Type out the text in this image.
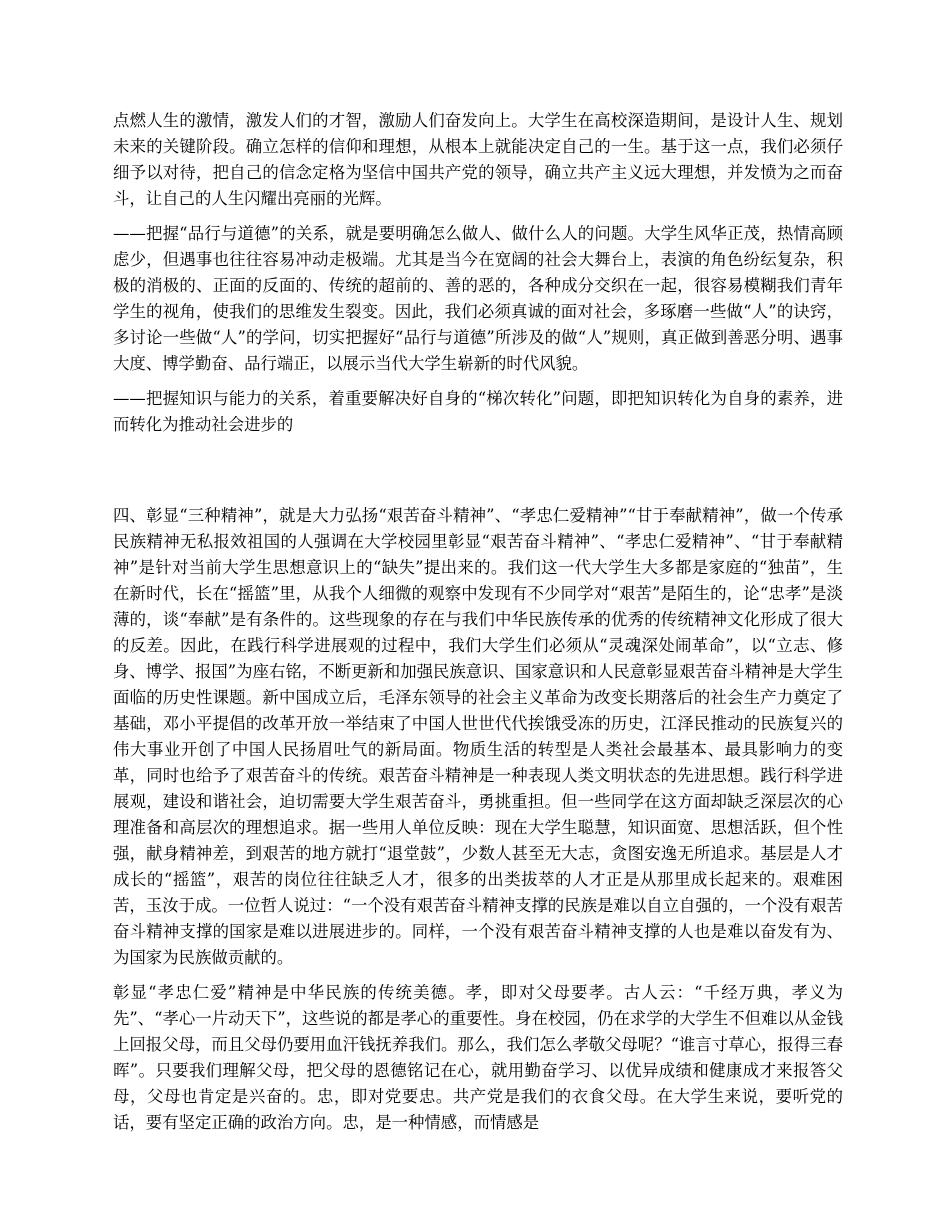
点燃人生的激情，激发人们的才智，激励人们奋发向上。大学生在高校深造期间，是设计人生、规划未来的关键阶段。确立怎样的信仰和理想，从根本上就能决定自己的一生。基于这一点，我们必须仔细予以对待，把自己的信念定格为坚信中国共产党的领导，确立共产主义远大理想，并发愤为之而奋斗，让自己的人生闪耀出亮丽的光辉。

——把握“品行与道德”的关系，就是要明确怎么做人、做什么人的问题。大学生风华正茂，热情高顾虑少，但遇事也往往容易冲动走极端。尤其是当今在宽阔的社会大舞台上，表演的角色纷纭复杂，积极的消极的、正面的反面的、传统的超前的、善的恶的，各种成分交织在一起，很容易模糊我们青年学生的视角，使我们的思维发生裂变。因此，我们必须真诚的面对社会，多琢磨一些做“人”的诀窍，多讨论一些做“人”的学问，切实把握好“品行与道德”所涉及的做“人”规则，真正做到善恶分明、遇事大度、博学勤奋、品行端正，以展示当代大学生崭新的时代风貌。

——把握知识与能力的关系，着重要解决好自身的“梯次转化”问题，即把知识转化为自身的素养，进而转化为推动社会进步的

四、彰显“三种精神”，就是大力弘扬“艰苦奋斗精神”、“孝忠仁爱精神”“甘于奉献精神”，做一个传承民族精神无私报效祖国的人强调在大学校园里彰显“艰苦奋斗精神”、“孝忠仁爱精神”、“甘于奉献精神”是针对当前大学生思想意识上的“缺失”提出来的。我们这一代大学生大多都是家庭的“独苗”，生在新时代，长在“摇篮”里，从我个人细微的观察中发现有不少同学对“艰苦”是陌生的，论“忠孝”是淡薄的，谈“奉献”是有条件的。这些现象的存在与我们中华民族传承的优秀的传统精神文化形成了很大的反差。因此，在践行科学进展观的过程中，我们大学生们必须从“灵魂深处闹革命”，以“立志、修身、博学、报国”为座右铭，不断更新和加强民族意识、国家意识和人民意彰显艰苦奋斗精神是大学生面临的历史性课题。新中国成立后，毛泽东领导的社会主义革命为改变长期落后的社会生产力奠定了基础，邓小平提倡的改革开放一举结束了中国人世世代代挨饿受冻的历史，江泽民推动的民族复兴的伟大事业开创了中国人民扬眉吐气的新局面。物质生活的转型是人类社会最基本、最具影响力的变革，同时也给予了艰苦奋斗的传统。艰苦奋斗精神是一种表现人类文明状态的先进思想。践行科学进展观，建设和谐社会，迫切需要大学生艰苦奋斗，勇挑重担。但一些同学在这方面却缺乏深层次的心理准备和高层次的理想追求。据一些用人单位反映：现在大学生聪慧，知识面宽、思想活跃，但个性强，献身精神差，到艰苦的地方就打“退堂鼓”，少数人甚至无大志，贪图安逸无所追求。基层是人才成长的“摇篮”，艰苦的岗位往往缺乏人才，很多的出类拔萃的人才正是从那里成长起来的。艰难困苦，玉汝于成。一位哲人说过：“一个没有艰苦奋斗精神支撑的民族是难以自立自强的，一个没有艰苦奋斗精神支撑的国家是难以进展进步的。同样，一个没有艰苦奋斗精神支撑的人也是难以奋发有为、为国家为民族做贡献的。

彰显“孝忠仁爱”精神是中华民族的传统美德。孝，即对父母要孝。古人云：“千经万典，孝义为先”、“孝心一片动天下”，这些说的都是孝心的重要性。身在校园，仍在求学的大学生不但难以从金钱上回报父母，而且父母仍要用血汗钱抚养我们。那么，我们怎么孝敬父母呢？“谁言寸草心，报得三春晖”。只要我们理解父母，把父母的恩德铭记在心，就用勤奋学习、以优异成绩和健康成才来报答父母，父母也肯定是兴奋的。忠，即对党要忠。共产党是我们的衣食父母。在大学生来说，要听党的话，要有坚定正确的政治方向。忠，是一种情感，而情感是
